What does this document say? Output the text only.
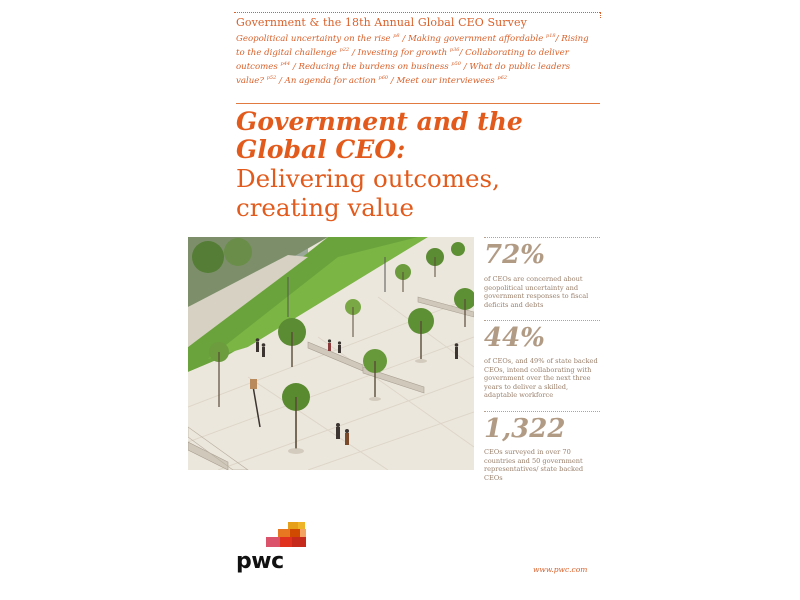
Government & the 18th Annual Global CEO Survey
Geopolitical uncertainty on the rise $^{p8}$ / Making government affordable $^{p18}$/ Rising to the digital challenge $^{p22}$ / Investing for growth $^{p36}$/ Collaborating to deliver outcomes $^{p44}$ / Reducing the burdens on business $^{p50}$ / What do public leaders value? $^{p52}$ / An agenda for action $^{p60}$ / Meet our interviewees $^{p62}$
Government and the
Global CEO:
Delivering outcomes,
creating value
72%
of CEOs are concerned about geopolitical uncertainty and government responses to fiscal deficits and debts
44%
of CEOs, and 49% of state backed CEOs, intend collaborating with government over the next three years to deliver a skilled, adaptable workforce
1,322
CEOs surveyed in over 70 countries and 50 government representatives/ state backed CEOs
pwc	www.pwc.com
